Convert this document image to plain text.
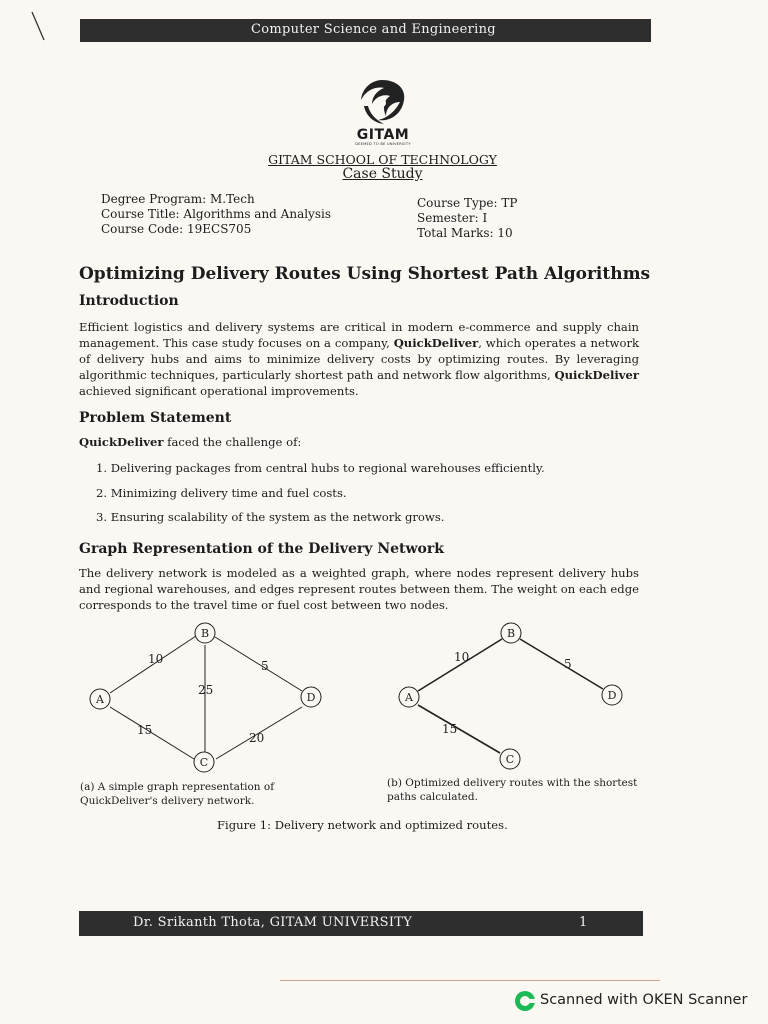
Computer Science and Engineering
GITAM
DEEMED TO BE UNIVERSITY
GITAM SCHOOL OF TECHNOLOGY
Case Study
Degree Program: M.Tech
Course Title: Algorithms and Analysis
Course Code: 19ECS705
Course Type: TP
Semester: I
Total Marks: 10
Optimizing Delivery Routes Using Shortest Path Algorithms
Introduction
Efficient logistics and delivery systems are critical in modern e-commerce and supply chain management. This case study focuses on a company, QuickDeliver, which operates a network of delivery hubs and aims to minimize delivery costs by optimizing routes. By leveraging algorithmic techniques, particularly shortest path and network flow algorithms, QuickDeliver achieved significant operational improvements.
Problem Statement
QuickDeliver faced the challenge of:
1. Delivering packages from central hubs to regional warehouses efficiently.
2. Minimizing delivery time and fuel costs.
3. Ensuring scalability of the system as the network grows.
Graph Representation of the Delivery Network
The delivery network is modeled as a weighted graph, where nodes represent delivery hubs and regional warehouses, and edges represent routes between them. The weight on each edge corresponds to the travel time or fuel cost between two nodes.
10	5
25
15
20
B
A	D
C
10	5
15
B
A	D
C
(a) A simple graph representation of QuickDeliver's delivery network.
(b) Optimized delivery routes with the shortest paths calculated.
Figure 1: Delivery network and optimized routes.
Dr. Srikanth Thota, GITAM UNIVERSITY	1
Scanned with OKEN Scanner
